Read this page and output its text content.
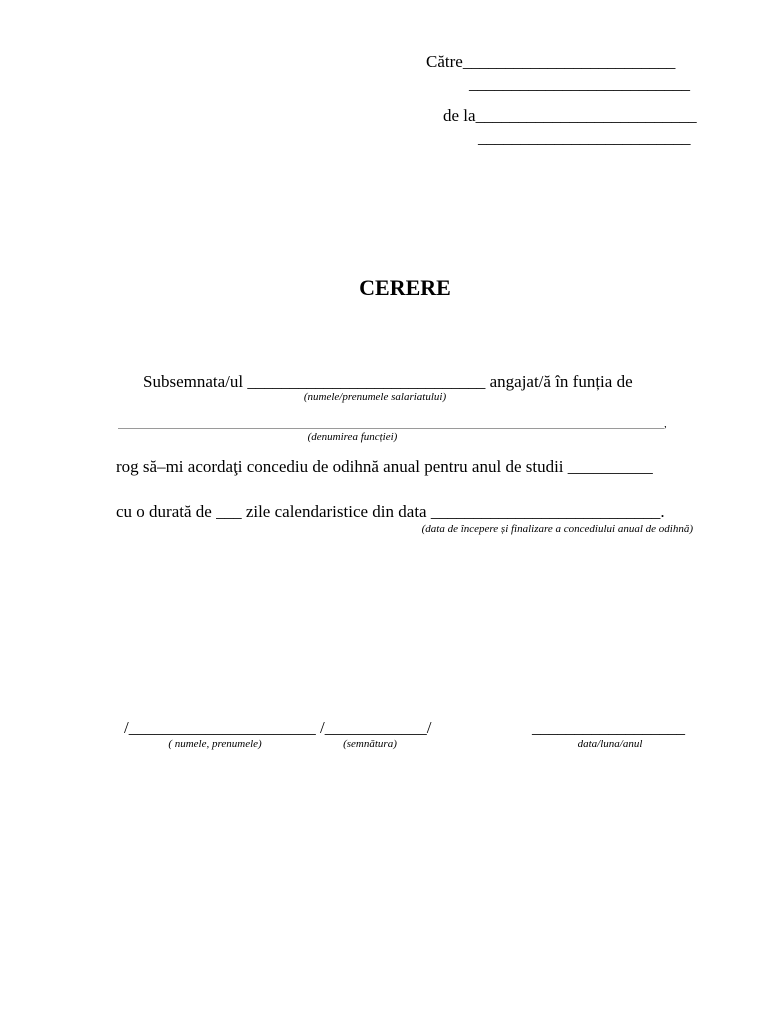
Către_________________________
__________________________
de la__________________________
_________________________
CERERE
Subsemnata/ul ____________________________ angajat/ă în funția de
(numele/prenumele salariatului)
,
(denumirea funcției)
rog să–mi acordaţi concediu de odihnă anual pentru anul de studii __________
cu o durată de ___ zile calendaristice din data ___________________________.
(data de începere și finalizare a concediului anual de odihnă)
/______________________ /____________/	__________________
( numele, prenumele)	(semnătura)	data/luna/anul
